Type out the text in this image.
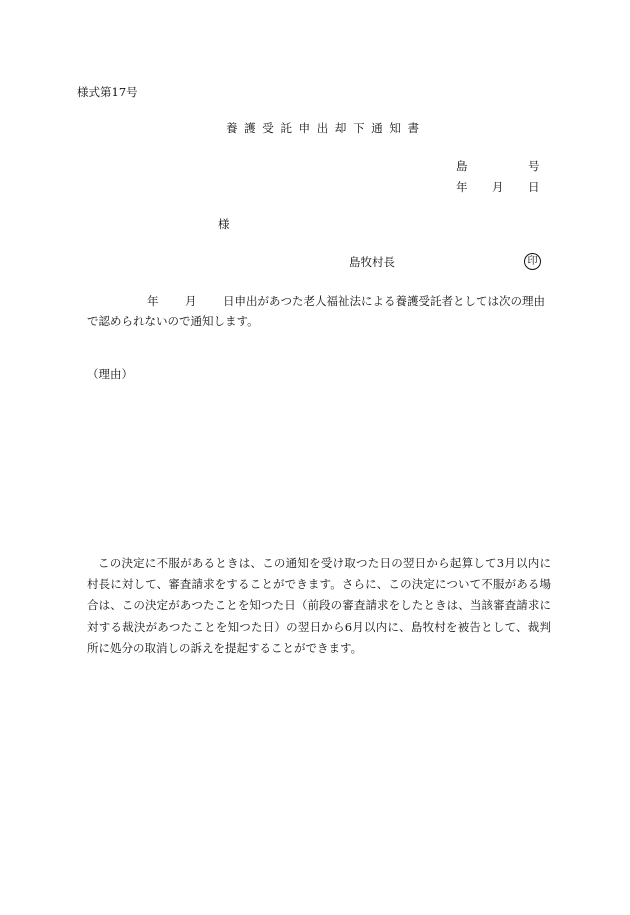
様式第17号
養 護 受 託 申 出 却 下 通 知 書
島	号
年 月 日
様
島牧村長	印
年 月 日申出があつた老人福祉法による養護受託者としては次の理由
で認められないので通知します。
（理由）
この決定に不服があるときは、この通知を受け取つた日の翌日から起算して3月以内に村長に対して、審査請求をすることができます。さらに、この決定について不服がある場合は、この決定があつたことを知つた日（前段の審査請求をしたときは、当該審査請求に対する裁決があつたことを知つた日）の翌日から6月以内に、島牧村を被告として、裁判所に処分の取消しの訴えを提起することができます。
